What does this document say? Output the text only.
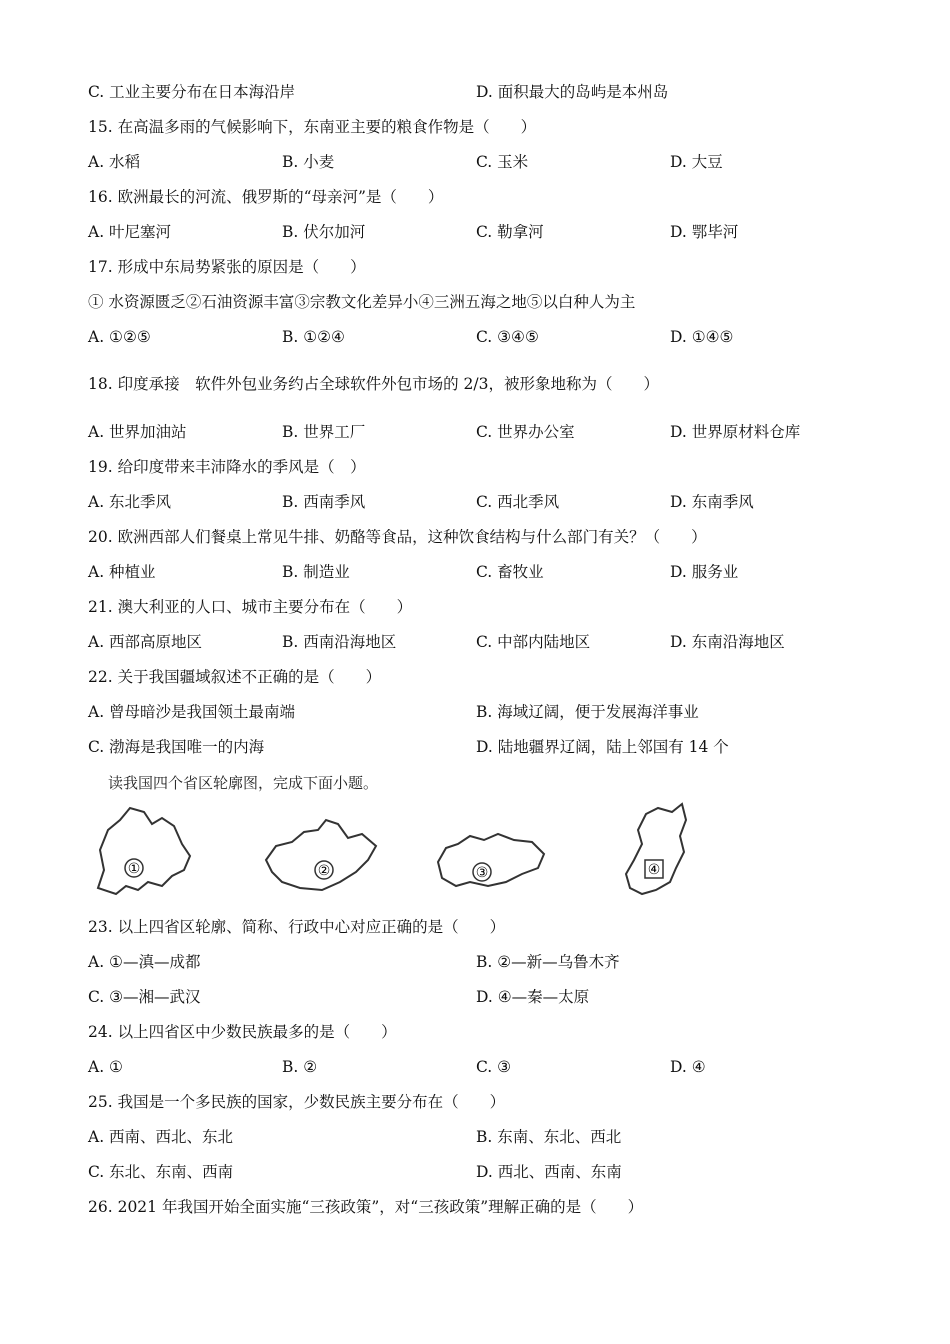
C. 工业主要分布在日本海沿岸	D. 面积最大的岛屿是本州岛
15. 在高温多雨的气候影响下，东南亚主要的粮食作物是（　　）
A. 水稻	B. 小麦	C. 玉米	D. 大豆
16. 欧洲最长的河流、俄罗斯的“母亲河”是（　　）
A. 叶尼塞河	B. 伏尔加河	C. 勒拿河	D. 鄂毕河
17. 形成中东局势紧张的原因是（　　）
① 水资源匮乏②石油资源丰富③宗教文化差异小④三洲五海之地⑤以白种人为主
A. ①②⑤	B. ①②④	C. ③④⑤	D. ①④⑤
18. 印度承接　软件外包业务约占全球软件外包市场的 2/3，被形象地称为（　　）
A. 世界加油站	B. 世界工厂	C. 世界办公室	D. 世界原材料仓库
19. 给印度带来丰沛降水的季风是（　）
A. 东北季风	B. 西南季风	C. 西北季风	D. 东南季风
20. 欧洲西部人们餐桌上常见牛排、奶酪等食品，这种饮食结构与什么部门有关？（　　）
A. 种植业	B. 制造业	C. 畜牧业	D. 服务业
21. 澳大利亚的人口、城市主要分布在（　　）
A. 西部高原地区	B. 西南沿海地区	C. 中部内陆地区	D. 东南沿海地区
22. 关于我国疆域叙述不正确的是（　　）
A. 曾母暗沙是我国领土最南端	B. 海域辽阔，便于发展海洋事业
C. 渤海是我国唯一的内海	D. 陆地疆界辽阔，陆上邻国有 14 个
读我国四个省区轮廓图，完成下面小题。
①	②	③	④
23. 以上四省区轮廓、简称、行政中心对应正确的是（　　）
A. ①—滇—成都	B. ②—新—乌鲁木齐
C. ③—湘—武汉	D. ④—秦—太原
24. 以上四省区中少数民族最多的是（　　）
A. ①	B. ②	C. ③	D. ④
25. 我国是一个多民族的国家，少数民族主要分布在（　　）
A. 西南、西北、东北	B. 东南、东北、西北
C. 东北、东南、西南	D. 西北、西南、东南
26. 2021 年我国开始全面实施“三孩政策”，对“三孩政策”理解正确的是（　　）
